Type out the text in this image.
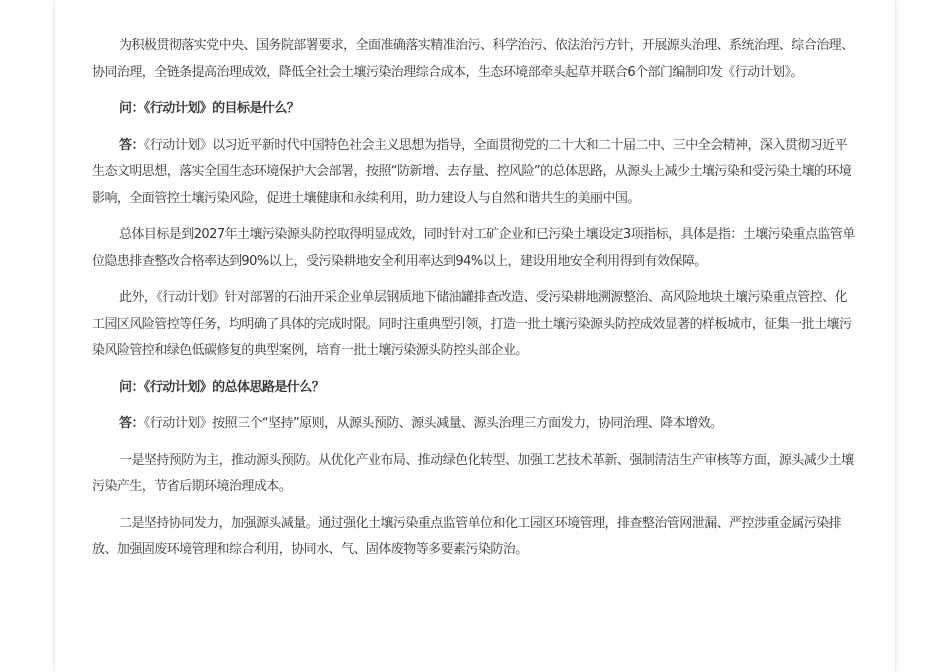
为积极贯彻落实党中央、国务院部署要求，全面准确落实精准治污、科学治污、依法治污方针，开展源头治理、系统治理、综合治理、协同治理，全链条提高治理成效，降低全社会土壤污染治理综合成本，生态环境部牵头起草并联合6个部门编制印发《行动计划》。

问：《行动计划》的目标是什么？

答：《行动计划》以习近平新时代中国特色社会主义思想为指导，全面贯彻党的二十大和二十届二中、三中全会精神，深入贯彻习近平生态文明思想，落实全国生态环境保护大会部署，按照“防新增、去存量、控风险”的总体思路，从源头上减少土壤污染和受污染土壤的环境影响，全面管控土壤污染风险，促进土壤健康和永续利用，助力建设人与自然和谐共生的美丽中国。

总体目标是到2027年土壤污染源头防控取得明显成效，同时针对工矿企业和已污染土壤设定3项指标，具体是指：土壤污染重点监管单位隐患排查整改合格率达到90%以上，受污染耕地安全利用率达到94%以上，建设用地安全利用得到有效保障。

此外，《行动计划》针对部署的石油开采企业单层钢质地下储油罐排查改造、受污染耕地溯源整治、高风险地块土壤污染重点管控、化工园区风险管控等任务，均明确了具体的完成时限。同时注重典型引领，打造一批土壤污染源头防控成效显著的样板城市，征集一批土壤污染风险管控和绿色低碳修复的典型案例，培育一批土壤污染源头防控头部企业。

问：《行动计划》的总体思路是什么？

答：《行动计划》按照三个“坚持”原则，从源头预防、源头减量、源头治理三方面发力，协同治理、降本增效。

一是坚持预防为主，推动源头预防。从优化产业布局、推动绿色化转型、加强工艺技术革新、强制清洁生产审核等方面，源头减少土壤污染产生，节省后期环境治理成本。

二是坚持协同发力，加强源头减量。通过强化土壤污染重点监管单位和化工园区环境管理，排查整治管网泄漏、严控涉重金属污染排放、加强固废环境管理和综合利用，协同水、气、固体废物等多要素污染防治。
